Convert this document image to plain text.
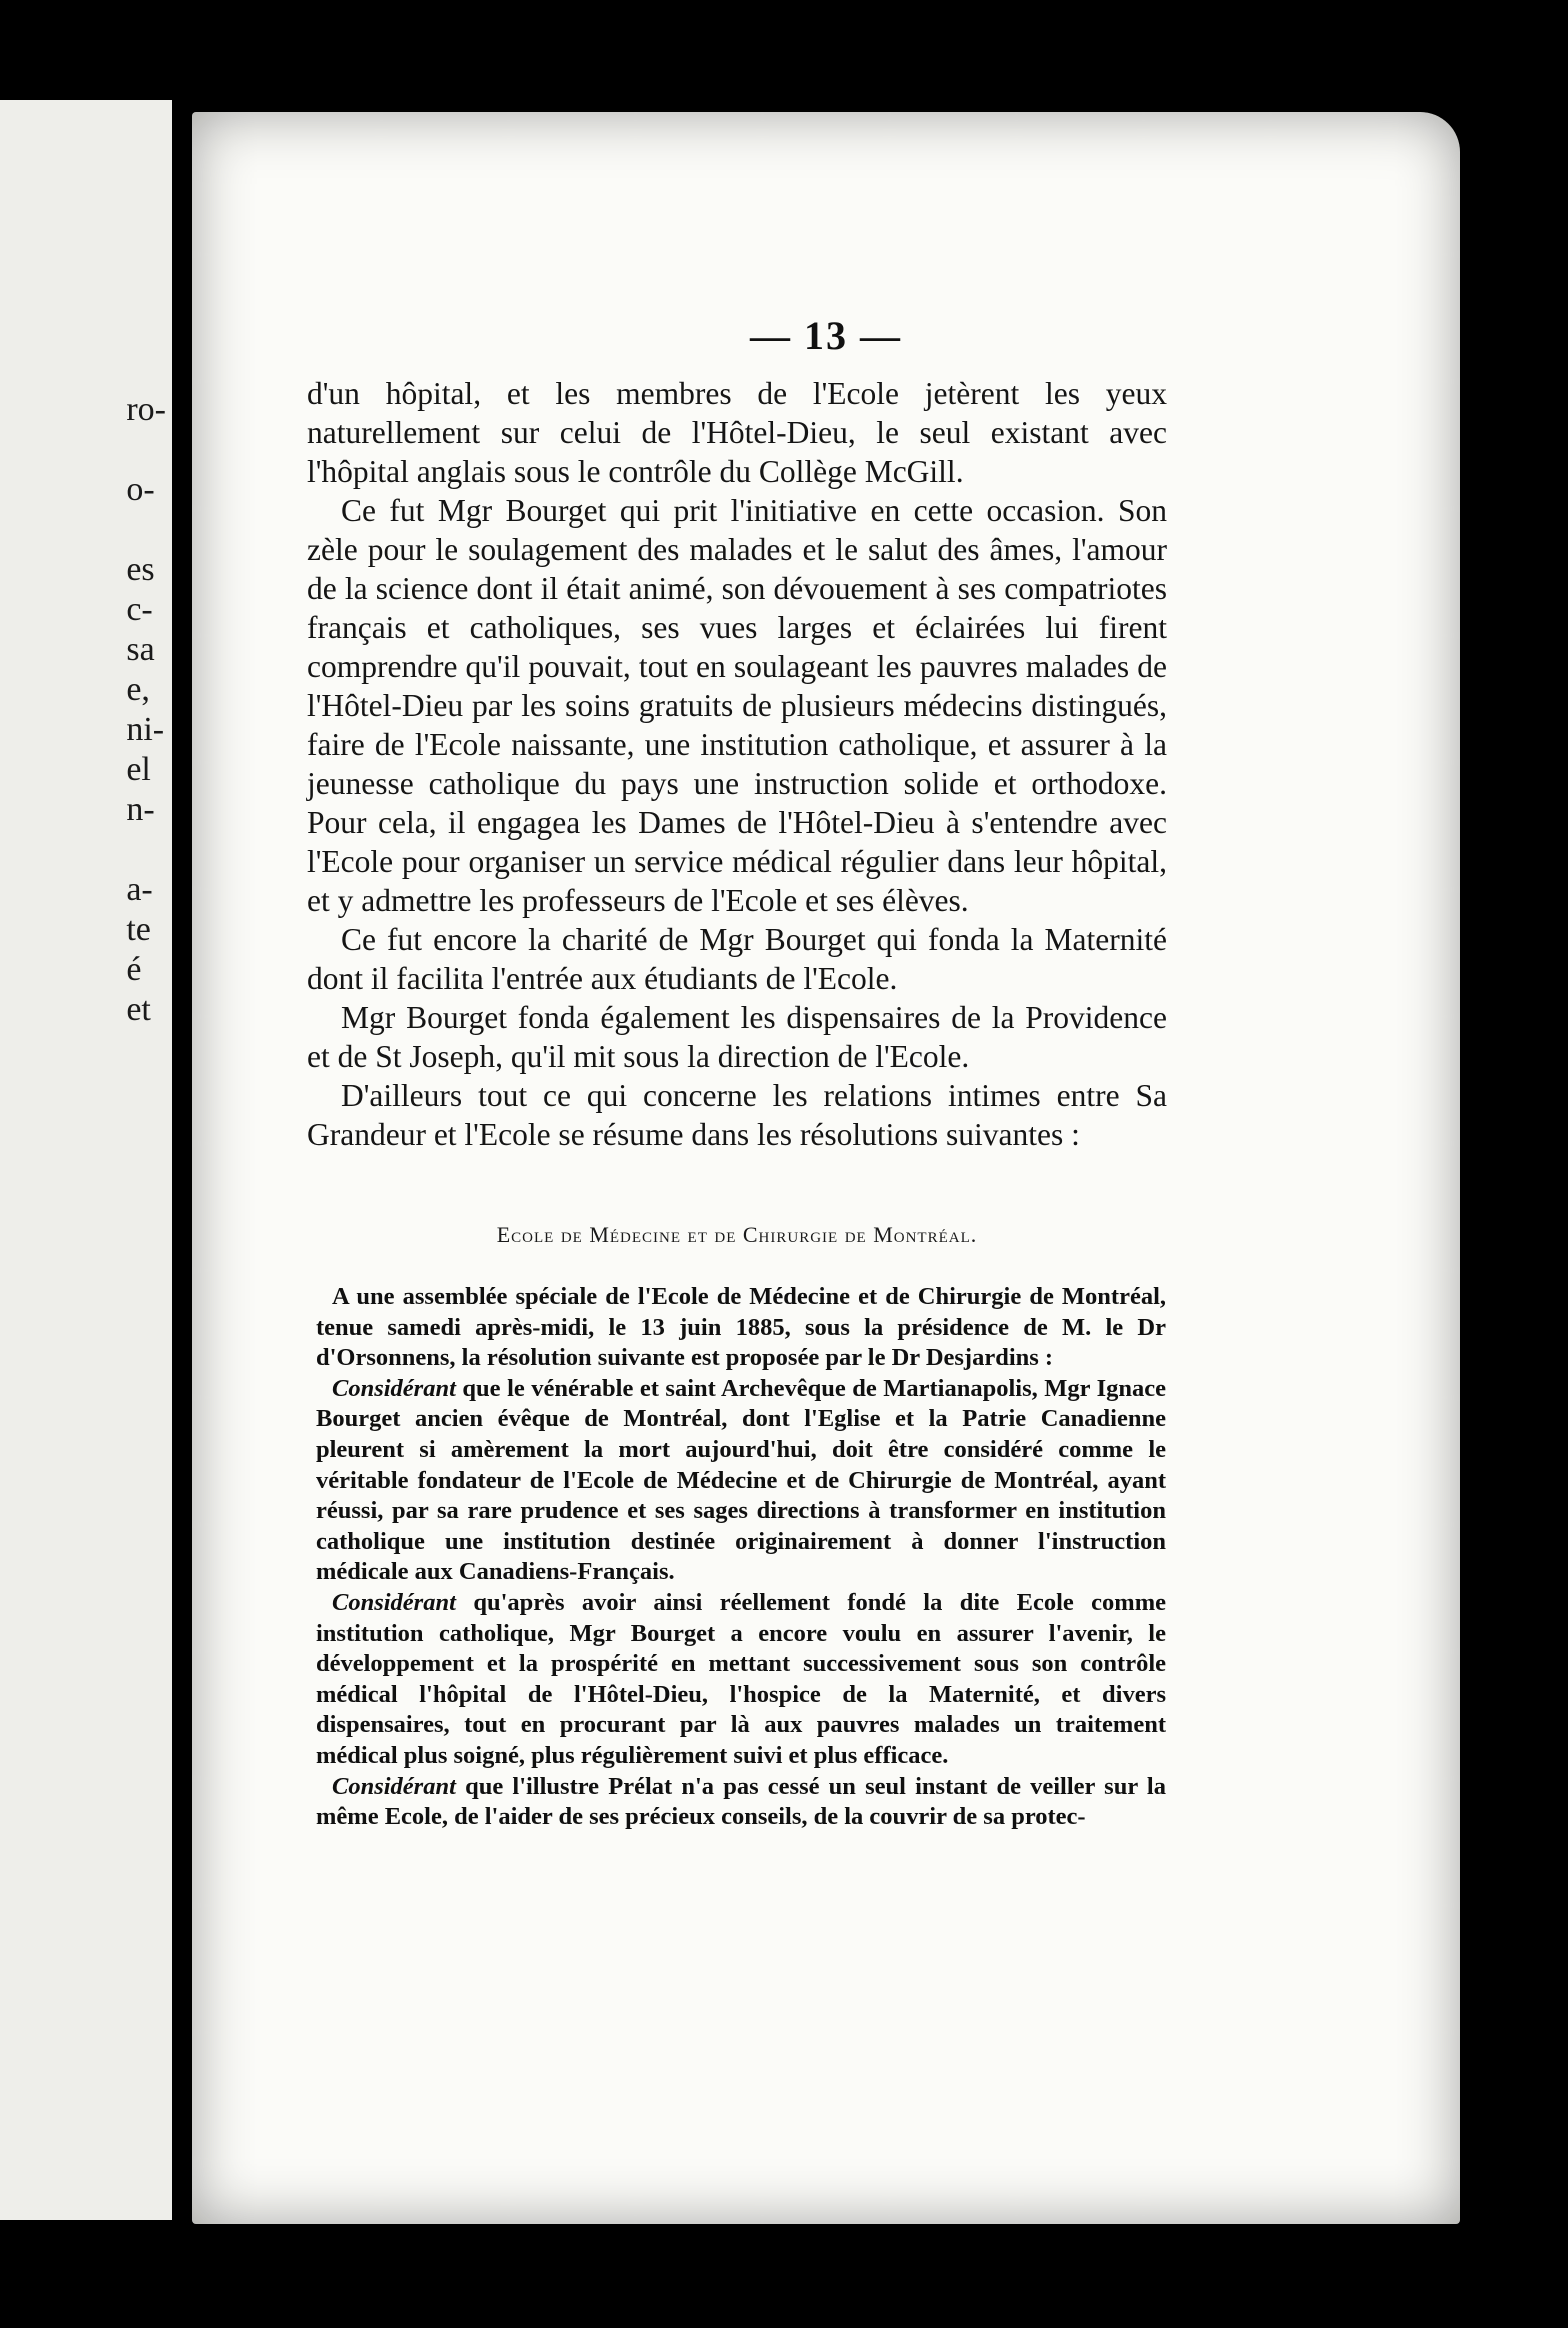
ro-
o-
es
c-
sa
e,
ni-
el
n-
a-
te
é
et
— 13 —

d'un hôpital, et les membres de l'Ecole jetèrent les yeux naturellement sur celui de l'Hôtel-Dieu, le seul existant avec l'hôpital anglais sous le contrôle du Collège McGill.

Ce fut Mgr Bourget qui prit l'initiative en cette occasion. Son zèle pour le soulagement des malades et le salut des âmes, l'amour de la science dont il était animé, son dévouement à ses compatriotes français et catholiques, ses vues larges et éclairées lui firent comprendre qu'il pouvait, tout en soulageant les pauvres malades de l'Hôtel-Dieu par les soins gratuits de plusieurs médecins distingués, faire de l'Ecole naissante, une institution catholique, et assurer à la jeunesse catholique du pays une instruction solide et orthodoxe. Pour cela, il engagea les Dames de l'Hôtel-Dieu à s'entendre avec l'Ecole pour organiser un service médical régulier dans leur hôpital, et y admettre les professeurs de l'Ecole et ses élèves.

Ce fut encore la charité de Mgr Bourget qui fonda la Maternité dont il facilita l'entrée aux étudiants de l'Ecole.

Mgr Bourget fonda également les dispensaires de la Providence et de St Joseph, qu'il mit sous la direction de l'Ecole.

D'ailleurs tout ce qui concerne les relations intimes entre Sa Grandeur et l'Ecole se résume dans les résolutions suivantes :

Ecole de Médecine et de Chirurgie de Montréal.

A une assemblée spéciale de l'Ecole de Médecine et de Chirurgie de Montréal, tenue samedi après-midi, le 13 juin 1885, sous la présidence de M. le Dr d'Orsonnens, la résolution suivante est proposée par le Dr Desjardins :

Considérant que le vénérable et saint Archevêque de Martianapolis, Mgr Ignace Bourget ancien évêque de Montréal, dont l'Eglise et la Patrie Canadienne pleurent si amèrement la mort aujourd'hui, doit être considéré comme le véritable fondateur de l'Ecole de Médecine et de Chirurgie de Montréal, ayant réussi, par sa rare prudence et ses sages directions à transformer en institution catholique une institution destinée originairement à donner l'instruction médicale aux Canadiens-Français.

Considérant qu'après avoir ainsi réellement fondé la dite Ecole comme institution catholique, Mgr Bourget a encore voulu en assurer l'avenir, le développement et la prospérité en mettant successivement sous son contrôle médical l'hôpital de l'Hôtel-Dieu, l'hospice de la Maternité, et divers dispensaires, tout en procurant par là aux pauvres malades un traitement médical plus soigné, plus régulièrement suivi et plus efficace.

Considérant que l'illustre Prélat n'a pas cessé un seul instant de veiller sur la même Ecole, de l'aider de ses précieux conseils, de la couvrir de sa protec-
